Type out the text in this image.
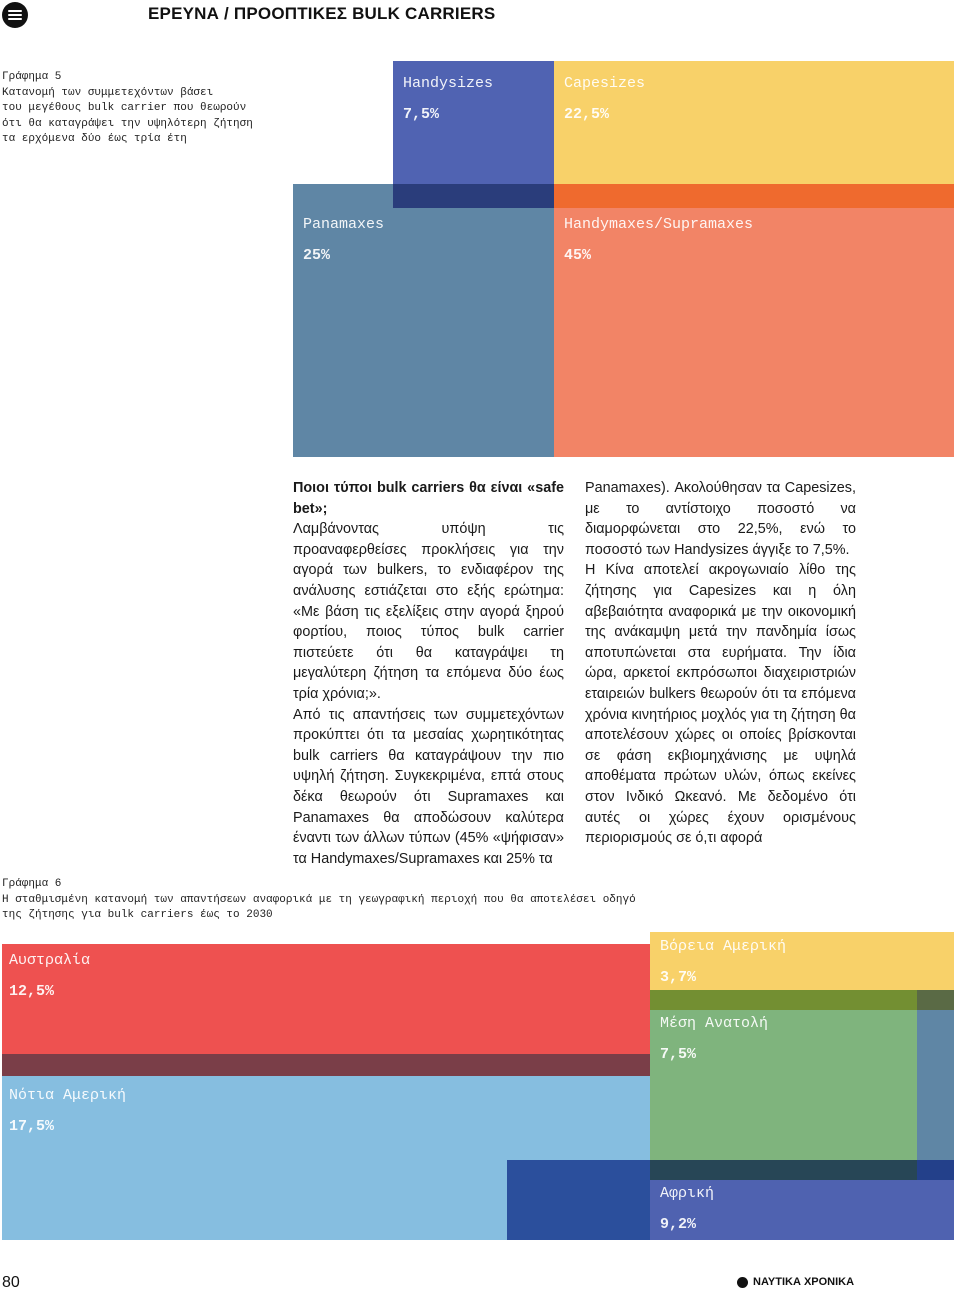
ΕΡΕΥΝΑ / ΠΡΟΟΠΤΙΚΕΣ BULK CARRIERS
Γράφημα 5
Κατανομή των συμμετεχόντων βάσει
του μεγέθους bulk carrier που θεωρούν
ότι θα καταγράψει την υψηλότερη ζήτηση
τα ερχόμενα δύο έως τρία έτη
Handysizes
7,5%
Capesizes
22,5%
Panamaxes
25%
Handymaxes/Supramaxes
45%

Ποιοι τύποι bulk carriers θα είναι «safe bet»;

Λαμβάνοντας υπόψη τις προαναφερθείσες προκλήσεις για την αγορά των bulkers, το ενδιαφέρον της ανάλυσης εστιάζεται στο εξής ερώτημα: «Με βάση τις εξελίξεις στην αγορά ξηρού φορτίου, ποιος τύπος bulk carrier πιστεύετε ότι θα καταγράψει τη μεγαλύτερη ζήτηση τα επόμενα δύο έως τρία χρόνια;».

Από τις απαντήσεις των συμμετεχόντων προκύπτει ότι τα μεσαίας χωρητικότητας bulk carriers θα καταγράψουν την πιο υψηλή ζήτηση. Συγκεκριμένα, επτά στους δέκα θεωρούν ότι Supramaxes και Panamaxes θα αποδώσουν καλύτερα έναντι των άλλων τύπων (45% «ψήφισαν» τα Handymaxes/Supramaxes και 25% τα

Panamaxes). Ακολούθησαν τα Capesizes, με το αντίστοιχο ποσοστό να διαμορφώνεται στο 22,5%, ενώ το ποσοστό των Handysizes άγγιξε το 7,5%.

Η Κίνα αποτελεί ακρογωνιαίο λίθο της ζήτησης για Capesizes και η όλη αβεβαιότητα αναφορικά με την οικονομική της ανάκαμψη μετά την πανδημία ίσως αποτυπώνεται στα ευρήματα. Την ίδια ώρα, αρκετοί εκπρόσωποι διαχειριστριών εταιρειών bulkers θεωρούν ότι τα επόμενα χρόνια κινητήριος μοχλός για τη ζήτηση θα αποτελέσουν χώρες οι οποίες βρίσκονται σε φάση εκβιομηχάνισης με υψηλά αποθέματα πρώτων υλών, όπως εκείνες στον Ινδικό Ωκεανό. Με δεδομένο ότι αυτές οι χώρες έχουν ορισμένους περιορισμούς σε ό,τι αφορά

Γράφημα 6
Η σταθμισμένη κατανομή των απαντήσεων αναφορικά με τη γεωγραφική περιοχή που θα αποτελέσει οδηγό
της ζήτησης για bulk carriers έως το 2030
Αυστραλία
12,5%
Νότια Αμερική
17,5%
Βόρεια Αμερική
3,7%
Μέση Ανατολή
7,5%
Αφρική
9,2%
80	ΝΑΥΤΙΚΑ ΧΡΟΝΙΚΑ
